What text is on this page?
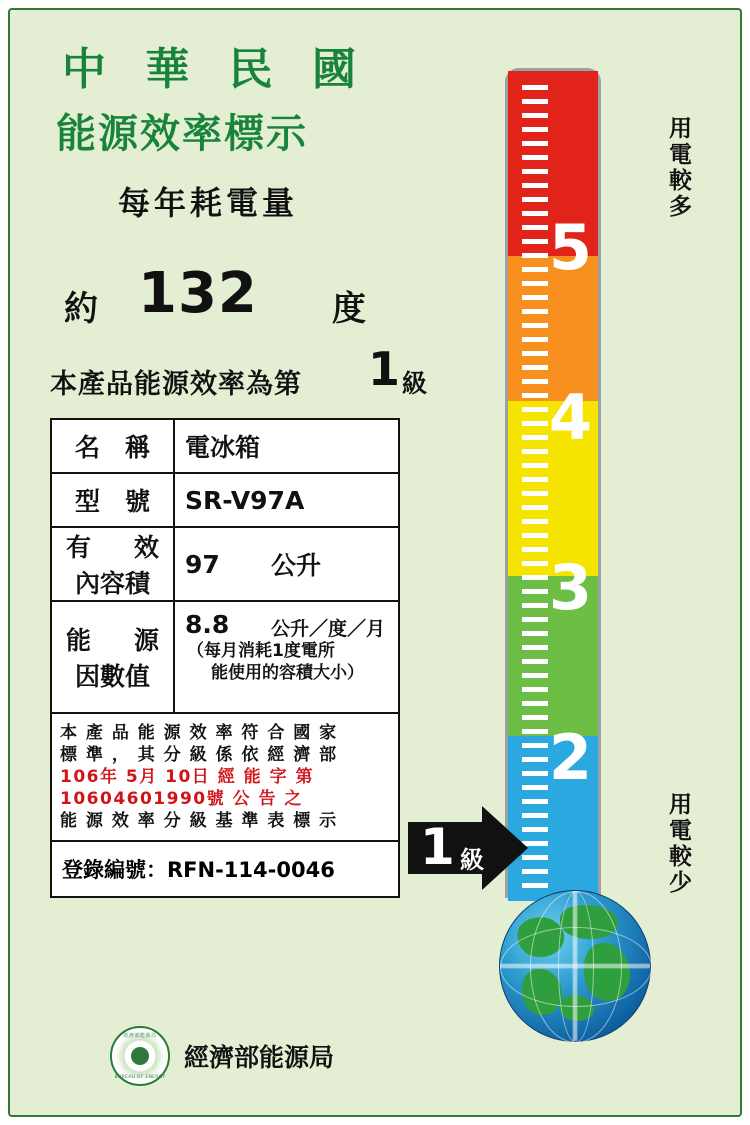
中 華 民 國
能源效率標示
每年耗電量
約 132 度
本產品能源效率為第 1 級
名　稱	電冰箱
型　號	SR-V97A
有　效
內容積
97 公升
能　源
因數值
8.8 公升／度／月
（每月消耗1度電所
能使用的容積大小）
本 產 品 能 源 效 率 符 合 國 家
標 準 ， 其 分 級 係 依 經 濟 部
106年 5月 10日 經 能 字 第
10604601990號 公 告 之
能 源 效 率 分 級 基 準 表 標 示
登錄編號：RFN-114-0046
經濟部能源局
BUREAU OF ENERGY
經濟部能源局
5
4
3
2
1 級
用電較多
用電較少
